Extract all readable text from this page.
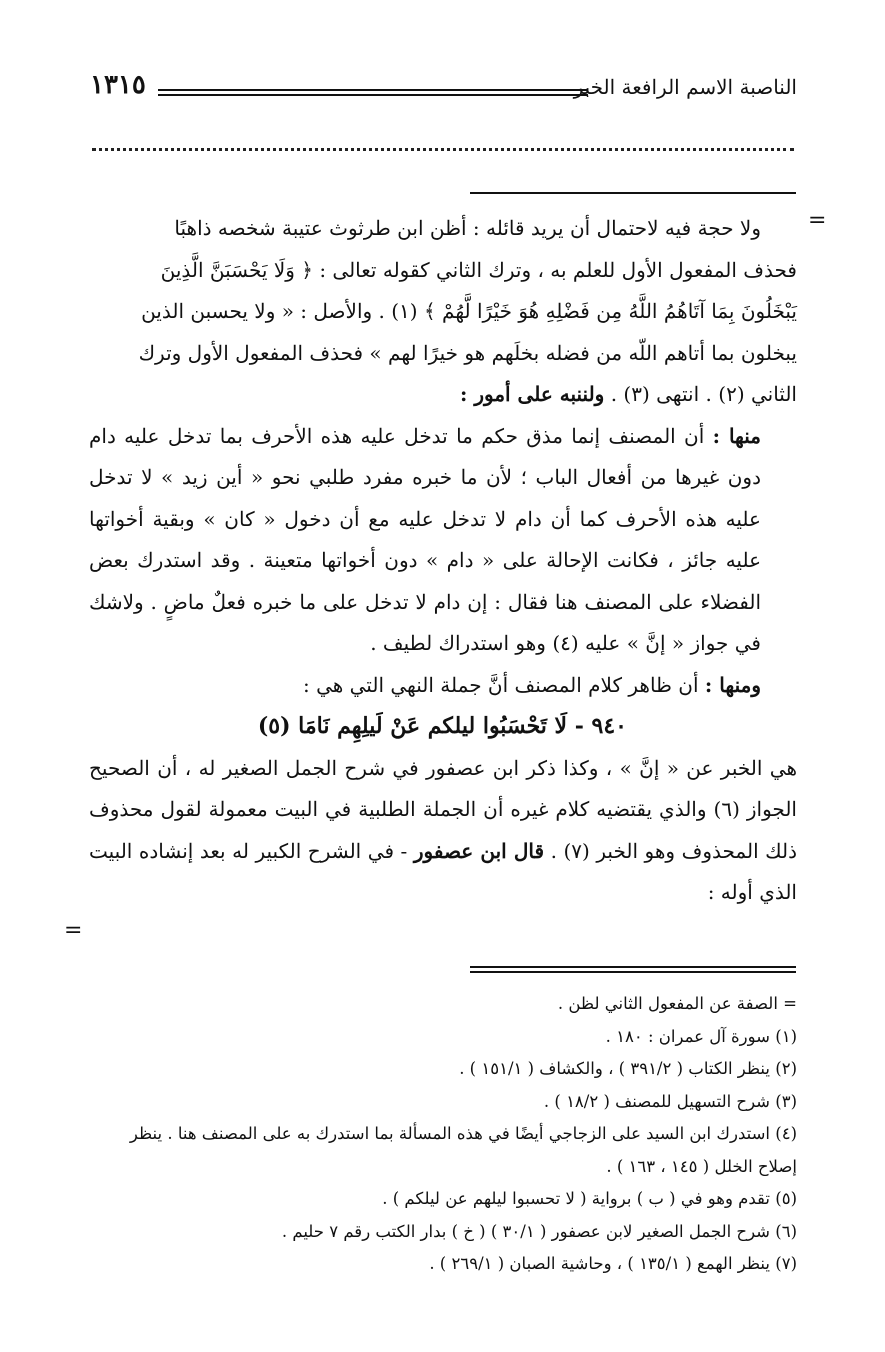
الناصبة الاسم الرافعة الخبر
١٣١٥
=

ولا حجة فيه لاحتمال أن يريد قائله : أظن ابن طرثوث عتيبة شخصه ذاهبًا

فحذف المفعول الأول للعلم به ، وترك الثاني كقوله تعالى : ﴿ وَلَا يَحْسَبَنَّ الَّذِينَ

يَبْخَلُونَ بِمَا آتَاهُمُ اللَّهُ مِن فَضْلِهِ هُوَ خَيْرًا لَّهُمْ ﴾ (١) . والأصل : « ولا يحسبن الذين

يبخلون بما أتاهم اللّه من فضله بخلَهم هو خيرًا لهم » فحذف المفعول الأول وترك

الثاني (٢) . انتهى (٣) . ولننبه على أمور :

منها : أن المصنف إنما مذق حكم ما تدخل عليه هذه الأحرف بما تدخل عليه دام دون غيرها من أفعال الباب ؛ لأن ما خبره مفرد طلبي نحو « أين زيد » لا تدخل عليه هذه الأحرف كما أن دام لا تدخل عليه مع أن دخول « كان » وبقية أخواتها عليه جائز ، فكانت الإحالة على « دام » دون أخواتها متعينة . وقد استدرك بعض الفضلاء على المصنف هنا فقال : إن دام لا تدخل على ما خبره فعلٌ ماضٍ . ولاشك في جواز « إنَّ » عليه (٤) وهو استدراك لطيف .

ومنها : أن ظاهر كلام المصنف أنَّ جملة النهي التي هي :

٩٤٠ - لَا تَحْسَبُوا ليلكم عَنْ لَيلِهِم نَامَا (٥)

هي الخبر عن « إنَّ » ، وكذا ذكر ابن عصفور في شرح الجمل الصغير له ، أن الصحيح الجواز (٦) والذي يقتضيه كلام غيره أن الجملة الطلبية في البيت معمولة لقول محذوف ذلك المحذوف وهو الخبر (٧) . قال ابن عصفور - في الشرح الكبير له بعد إنشاده البيت الذي أوله :

=

= الصفة عن المفعول الثاني لظن .

(١) سورة آل عمران : ١٨٠ .

(٢) ينظر الكتاب ( ٣٩١/٢ ) ، والكشاف ( ١٥١/١ ) .

(٣) شرح التسهيل للمصنف ( ١٨/٢ ) .

(٤) استدرك ابن السيد على الزجاجي أيضًا في هذه المسألة بما استدرك به على المصنف هنا . ينظر إصلاح الخلل ( ١٤٥ ، ١٦٣ ) .

(٥) تقدم وهو في ( ب ) برواية ( لا تحسبوا ليلهم عن ليلكم ) .

(٦) شرح الجمل الصغير لابن عصفور ( ٣٠/١ ) ( خ ) بدار الكتب رقم ٧ حليم .

(٧) ينظر الهمع ( ١٣٥/١ ) ، وحاشية الصبان ( ٢٦٩/١ ) .
